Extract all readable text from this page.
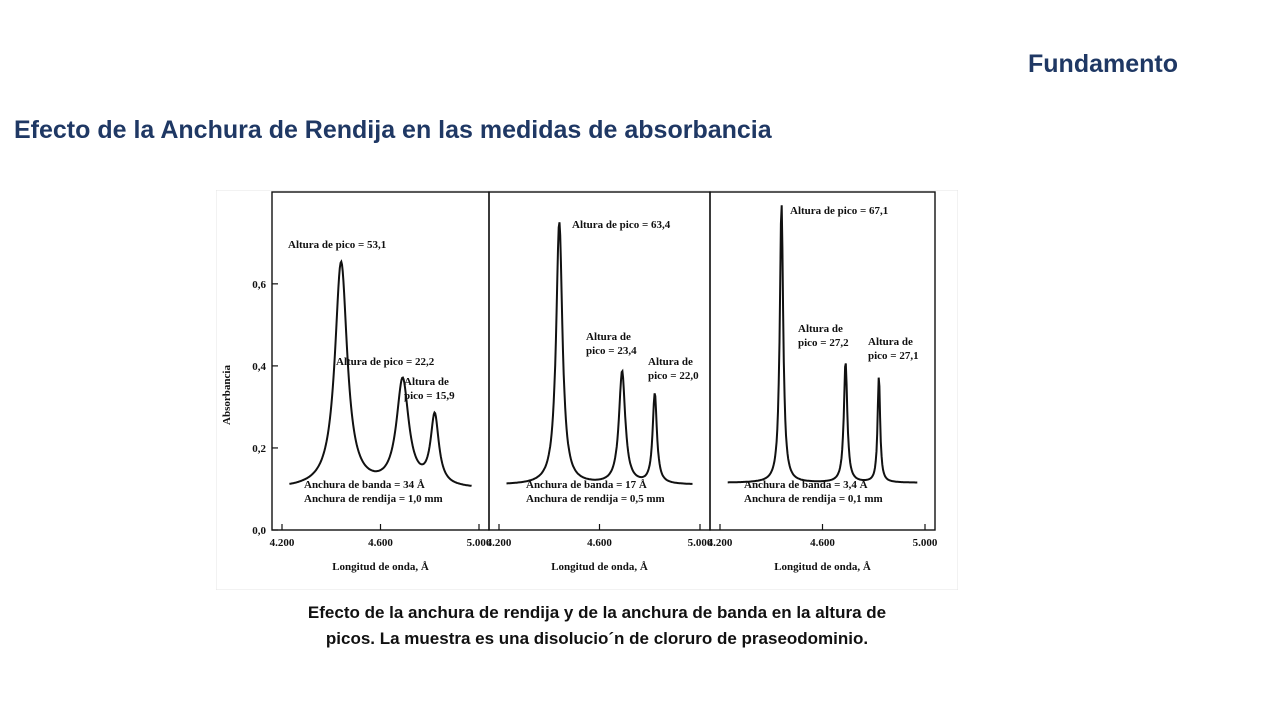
Fundamento
Efecto de la Anchura de Rendija en las medidas de absorbancia
Absorbancia
4.200	4.600	5.000
0,0
0,2
0,4
0,6
Altura de pico = 53,1
Altura de pico = 22,2
Altura de
pico = 15,9
Anchura de banda = 34 Å
Anchura de rendija = 1,0 mm
Longitud de onda, Å
4.200	4.600	5.000
Altura de pico = 63,4
Altura de
pico = 23,4
Altura de
pico = 22,0
Anchura de banda = 17 Å
Anchura de rendija = 0,5 mm
Longitud de onda, Å
4.200	4.600	5.000
Altura de pico = 67,1
Altura de
pico = 27,2 Altura de
pico = 27,1
Anchura de banda = 3,4 Å
Anchura de rendija = 0,1 mm
Longitud de onda, Å
Efecto de la anchura de rendija y de la anchura de banda en la altura de
picos. La muestra es una disolucio´n de cloruro de praseodominio.
